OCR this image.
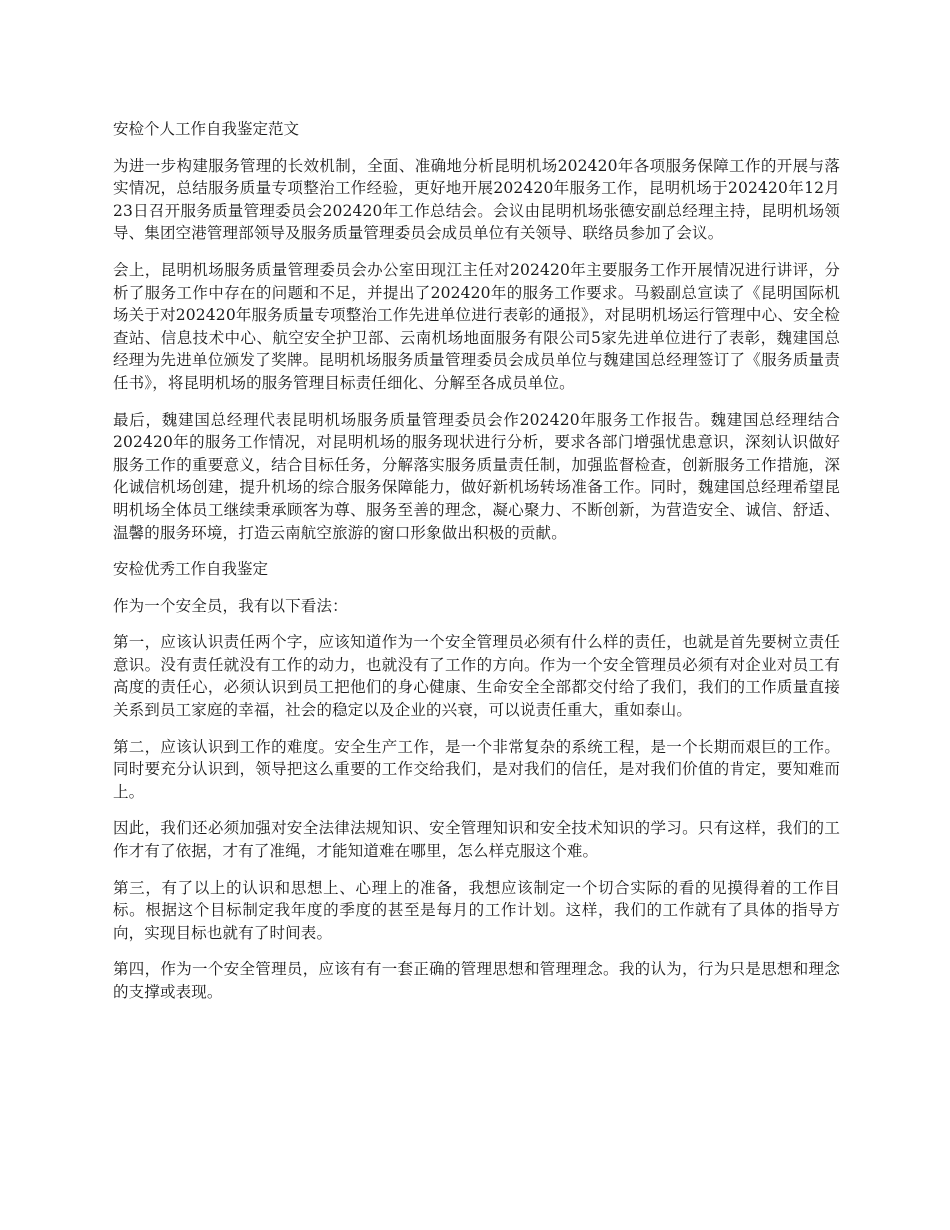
安检个人工作自我鉴定范文

为进一步构建服务管理的长效机制，全面、准确地分析昆明机场202420年各项服务保障工作的开展与落实情况，总结服务质量专项整治工作经验，更好地开展202420年服务工作，昆明机场于202420年12月23日召开服务质量管理委员会202420年工作总结会。会议由昆明机场张德安副总经理主持，昆明机场领导、集团空港管理部领导及服务质量管理委员会成员单位有关领导、联络员参加了会议。

会上，昆明机场服务质量管理委员会办公室田现江主任对202420年主要服务工作开展情况进行讲评，分析了服务工作中存在的问题和不足，并提出了202420年的服务工作要求。马毅副总宣读了《昆明国际机场关于对202420年服务质量专项整治工作先进单位进行表彰的通报》，对昆明机场运行管理中心、安全检查站、信息技术中心、航空安全护卫部、云南机场地面服务有限公司5家先进单位进行了表彰，魏建国总经理为先进单位颁发了奖牌。昆明机场服务质量管理委员会成员单位与魏建国总经理签订了《服务质量责任书》，将昆明机场的服务管理目标责任细化、分解至各成员单位。

最后，魏建国总经理代表昆明机场服务质量管理委员会作202420年服务工作报告。魏建国总经理结合202420年的服务工作情况，对昆明机场的服务现状进行分析，要求各部门增强忧患意识，深刻认识做好服务工作的重要意义，结合目标任务，分解落实服务质量责任制，加强监督检查，创新服务工作措施，深化诚信机场创建，提升机场的综合服务保障能力，做好新机场转场准备工作。同时，魏建国总经理希望昆明机场全体员工继续秉承顾客为尊、服务至善的理念，凝心聚力、不断创新，为营造安全、诚信、舒适、温馨的服务环境，打造云南航空旅游的窗口形象做出积极的贡献。

安检优秀工作自我鉴定

作为一个安全员，我有以下看法：

第一，应该认识责任两个字，应该知道作为一个安全管理员必须有什么样的责任，也就是首先要树立责任意识。没有责任就没有工作的动力，也就没有了工作的方向。作为一个安全管理员必须有对企业对员工有高度的责任心，必须认识到员工把他们的身心健康、生命安全全部都交付给了我们，我们的工作质量直接关系到员工家庭的幸福，社会的稳定以及企业的兴衰，可以说责任重大，重如泰山。

第二，应该认识到工作的难度。安全生产工作，是一个非常复杂的系统工程，是一个长期而艰巨的工作。同时要充分认识到，领导把这么重要的工作交给我们，是对我们的信任，是对我们价值的肯定，要知难而上。

因此，我们还必须加强对安全法律法规知识、安全管理知识和安全技术知识的学习。只有这样，我们的工作才有了依据，才有了准绳，才能知道难在哪里，怎么样克服这个难。

第三，有了以上的认识和思想上、心理上的准备，我想应该制定一个切合实际的看的见摸得着的工作目标。根据这个目标制定我年度的季度的甚至是每月的工作计划。这样，我们的工作就有了具体的指导方向，实现目标也就有了时间表。

第四，作为一个安全管理员，应该有有一套正确的管理思想和管理理念。我的认为，行为只是思想和理念的支撑或表现。
